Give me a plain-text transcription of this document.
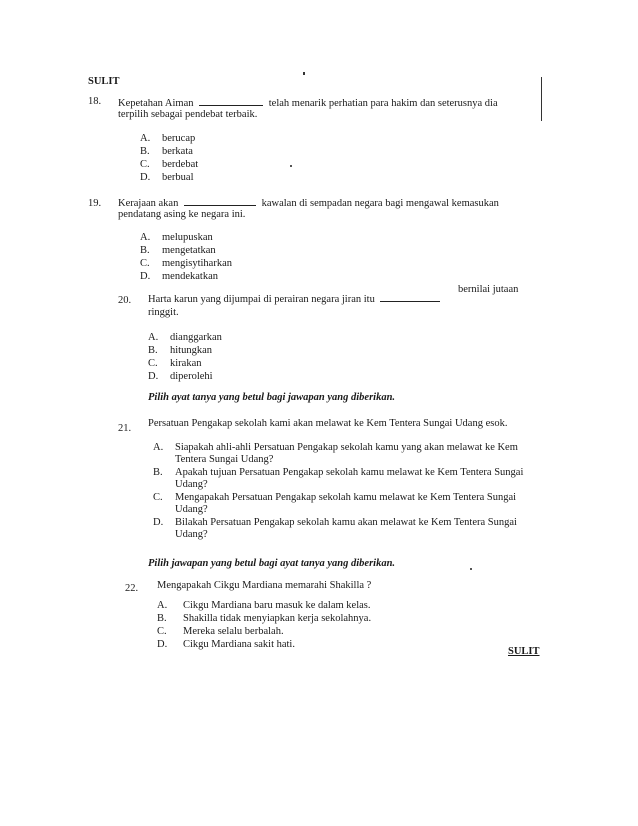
SULIT
18. Kepetahan Aiman	telah menarik perhatian para hakim dan seterusnya dia
terpilih sebagai pendebat terbaik.
A. berucap
B. berkata
C. berdebat
D. berbual
19. Kerajaan akan	kawalan di sempadan negara bagi mengawal kemasukan
pendatang asing ke negara ini.
A. melupuskan
B. mengetatkan
C. mengisytiharkan
D. mendekatkan
20. Harta karun yang dijumpai di perairan negara jiran itu
bernilai jutaan
ringgit.
A. dianggarkan
B. hitungkan
C. kirakan
D. diperolehi
Pilih ayat tanya yang betul bagi jawapan yang diberikan.
21. Persatuan Pengakap sekolah kami akan melawat ke Kem Tentera Sungai Udang esok.
A. Siapakah ahli-ahli Persatuan Pengakap sekolah kamu yang akan melawat ke Kem
Tentera Sungai Udang?
B. Apakah tujuan Persatuan Pengakap sekolah kamu melawat ke Kem Tentera Sungai
Udang?
C. Mengapakah Persatuan Pengakap sekolah kamu melawat ke Kem Tentera Sungai
Udang?
D. Bilakah Persatuan Pengakap sekolah kamu akan melawat ke Kem Tentera Sungai
Udang?
Pilih jawapan yang betul bagi ayat tanya yang diberikan.
22. Mengapakah Cikgu Mardiana memarahi Shakilla ?
A. Cikgu Mardiana baru masuk ke dalam kelas.
B. Shakilla tidak menyiapkan kerja sekolahnya.
C. Mereka selalu berbalah.
D. Cikgu Mardiana sakit hati.
SULIT
